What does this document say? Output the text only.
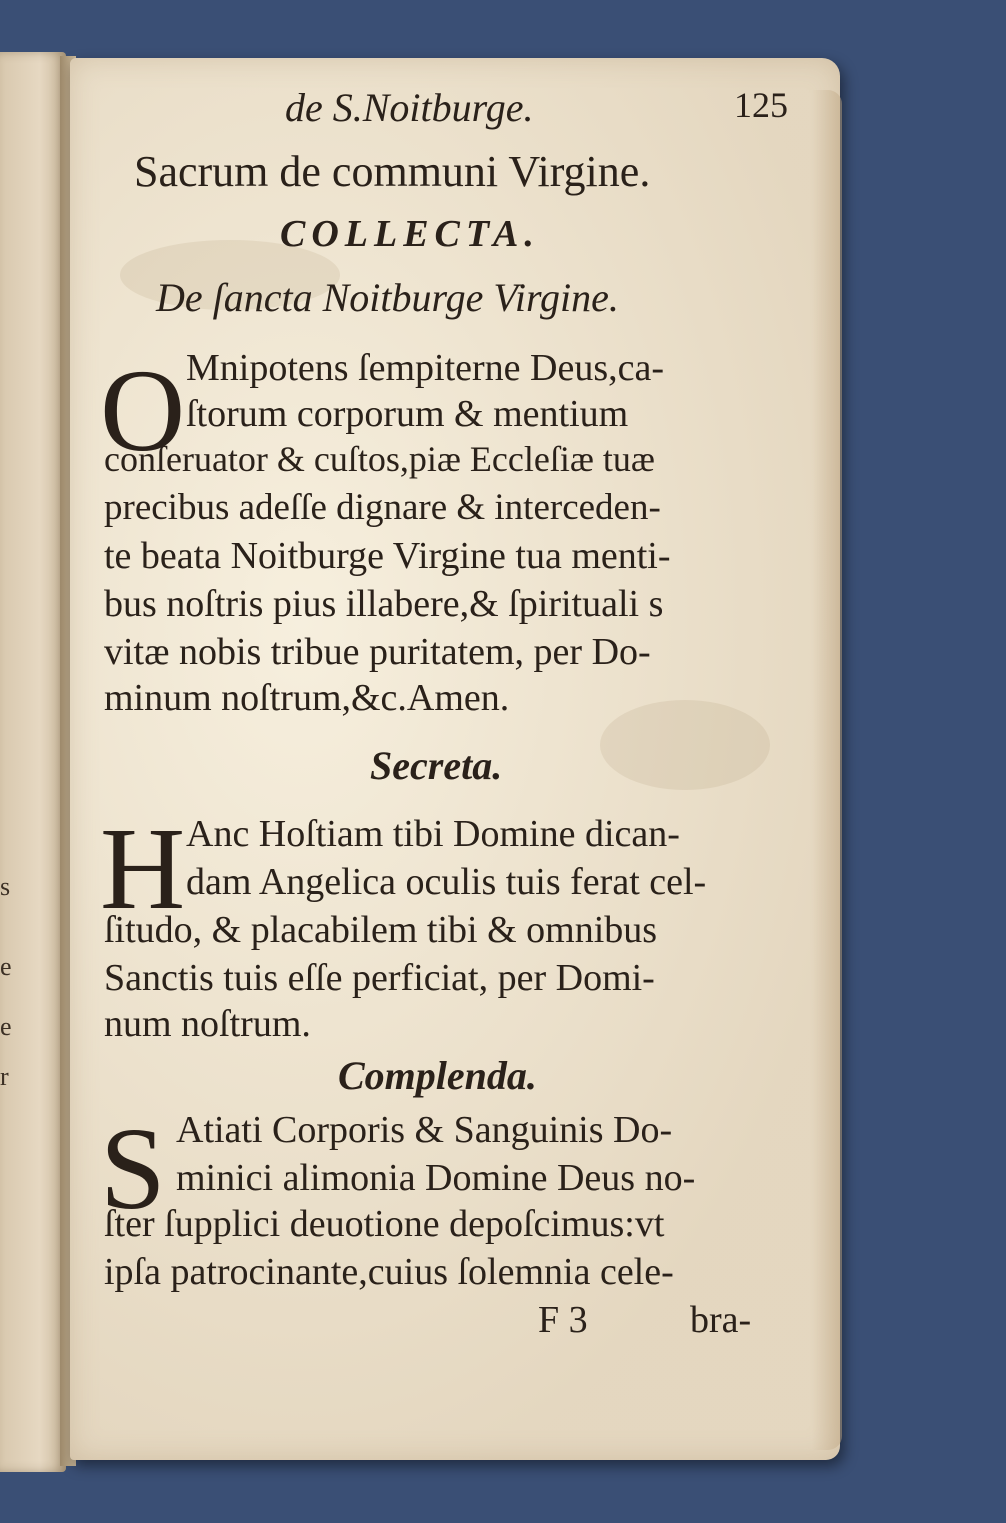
s
e
e
r
de S.Noitburge.	125
Sacrum de communi Virgine.
COLLECTA.
De ſancta Noitburge Virgine.
O Mnipotens ſempiterne Deus,ca-
ſtorum corporum & mentium
conſeruator & cuſtos,piæ Eccleſiæ tuæ
precibus adeſſe dignare & interceden-
te beata Noitburge Virgine tua menti-
bus noſtris pius illabere,& ſpirituali s
vitæ nobis tribue puritatem, per Do-
minum noſtrum,&c.Amen.
Secreta.
H Anc Hoſtiam tibi Domine dican-
dam Angelica oculis tuis ferat cel-
ſitudo, & placabilem tibi & omnibus
Sanctis tuis eſſe perficiat, per Domi-
num noſtrum.
Complenda.
S Atiati Corporis & Sanguinis Do-
minici alimonia Domine Deus no-
ſter ſupplici deuotione depoſcimus:vt
ipſa patrocinante,cuius ſolemnia cele-
F 3	bra-
